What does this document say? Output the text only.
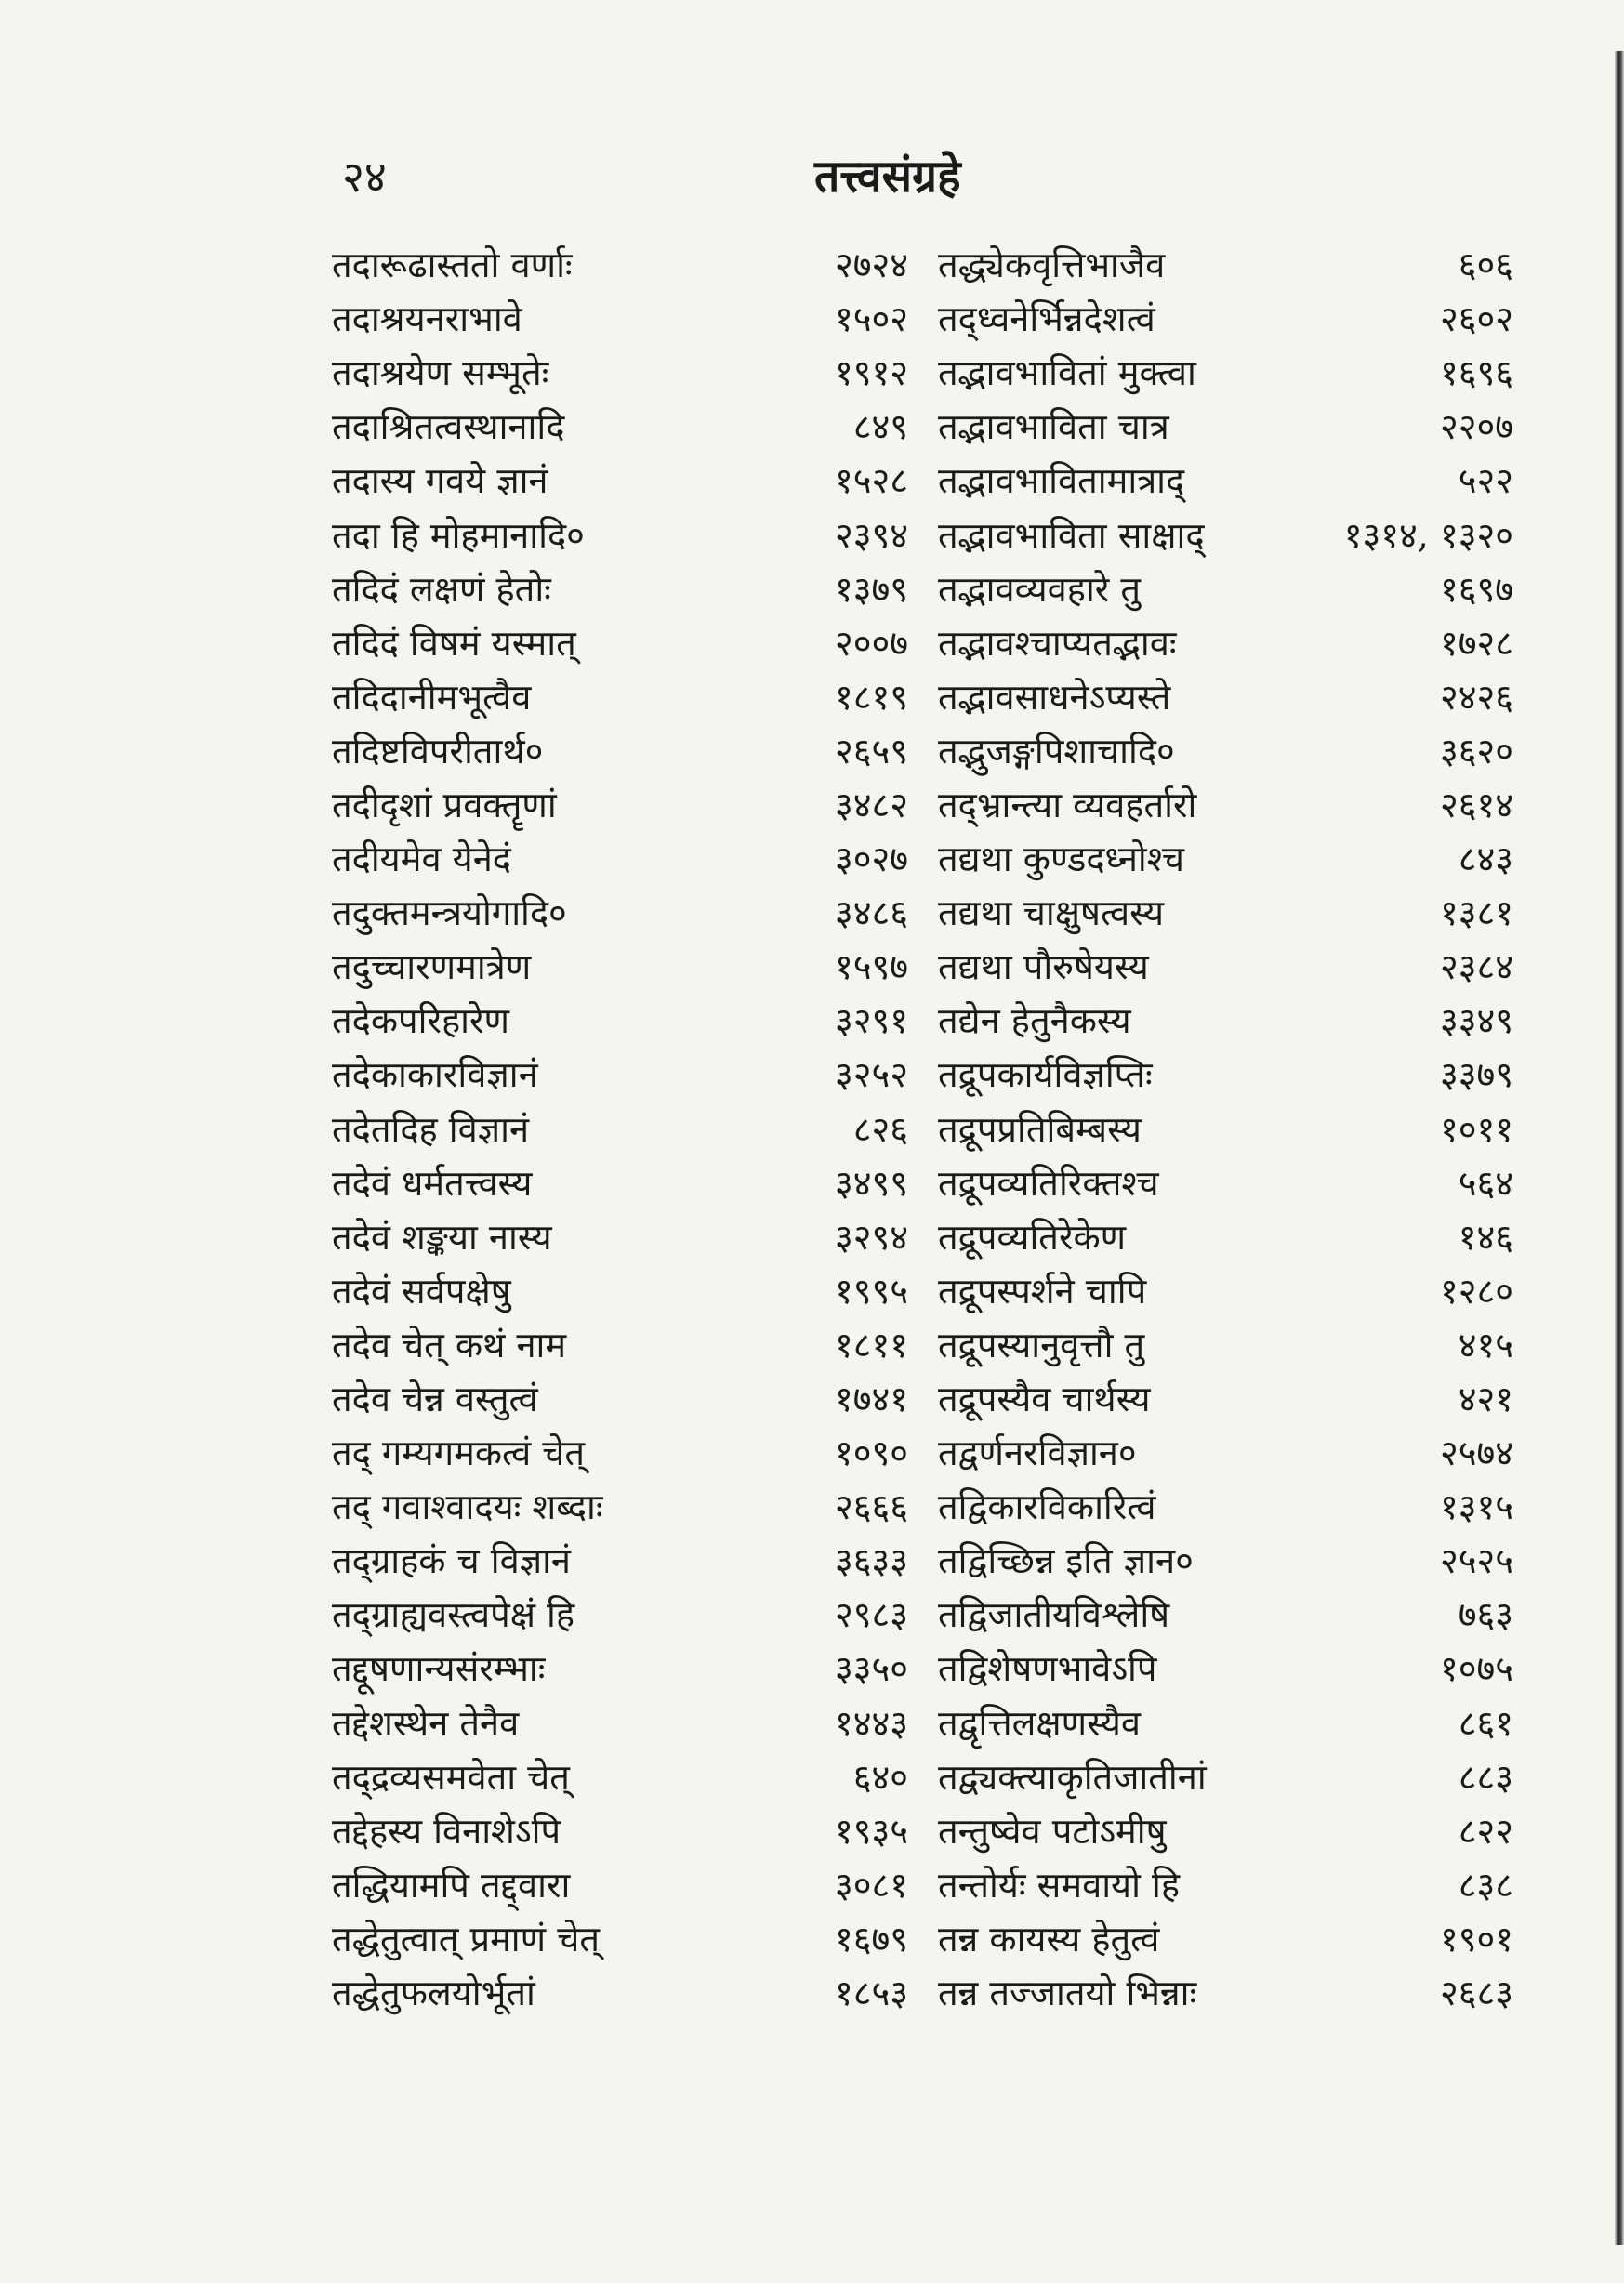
२४	तत्त्वसंग्रहे
तदारूढास्ततो वर्णाः	२७२४
तदाश्रयनराभावे	१५०२
तदाश्रयेण सम्भूतेः	१९१२
तदाश्रितत्वस्थानादि	८४९
तदास्य गवये ज्ञानं	१५२८
तदा हि मोहमानादि०	२३९४
तदिदं लक्षणं हेतोः	१३७९
तदिदं विषमं यस्मात्	२००७
तदिदानीमभूत्वैव	१८१९
तदिष्टविपरीतार्थ०	२६५९
तदीदृशां प्रवक्तॄणां	३४८२
तदीयमेव येनेदं	३०२७
तदुक्तमन्त्रयोगादि०	३४८६
तदुच्चारणमात्रेण	१५९७
तदेकपरिहारेण	३२९१
तदेकाकारविज्ञानं	३२५२
तदेतदिह विज्ञानं	८२६
तदेवं धर्मतत्त्वस्य	३४९९
तदेवं शङ्कया नास्य	३२९४
तदेवं सर्वपक्षेषु	१९९५
तदेव चेत् कथं नाम	१८११
तदेव चेन्न वस्तुत्वं	१७४१
तद् गम्यगमकत्वं चेत्	१०९०
तद् गवाश्वादयः शब्दाः	२६६६
तद्ग्राहकं च विज्ञानं	३६३३
तद्ग्राह्यवस्त्वपेक्षं हि	२९८३
तद्दूषणान्यसंरम्भाः	३३५०
तद्देशस्थेन तेनैव	१४४३
तद्द्रव्यसमवेता चेत्	६४०
तद्देहस्य विनाशेऽपि	१९३५
तद्धियामपि तद्द्वारा	३०८१
तद्धेतुत्वात् प्रमाणं चेत्	१६७९
तद्धेतुफलयोर्भूतां	१८५३
तद्ध्येकवृत्तिभाजैव	६०६
तद्ध्वनेर्भिन्नदेशत्वं	२६०२
तद्भावभावितां मुक्त्वा	१६९६
तद्भावभाविता चात्र	२२०७
तद्भावभावितामात्राद्	५२२
तद्भावभाविता साक्षाद्	१३१४, १३२०
तद्भावव्यवहारे तु	१६९७
तद्भावश्चाप्यतद्भावः	१७२८
तद्भावसाधनेऽप्यस्ते	२४२६
तद्भुजङ्गपिशाचादि०	३६२०
तद्भ्रान्त्या व्यवहर्तारो	२६१४
तद्यथा कुण्डदध्नोश्च	८४३
तद्यथा चाक्षुषत्वस्य	१३८१
तद्यथा पौरुषेयस्य	२३८४
तद्येन हेतुनैकस्य	३३४९
तद्रूपकार्यविज्ञप्तिः	३३७९
तद्रूपप्रतिबिम्बस्य	१०११
तद्रूपव्यतिरिक्तश्च	५६४
तद्रूपव्यतिरेकेण	१४६
तद्रूपस्पर्शने चापि	१२८०
तद्रूपस्यानुवृत्तौ तु	४१५
तद्रूपस्यैव चार्थस्य	४२१
तद्वर्णनरविज्ञान०	२५७४
तद्विकारविकारित्वं	१३१५
तद्विच्छिन्न इति ज्ञान०	२५२५
तद्विजातीयविश्लेषि	७६३
तद्विशेषणभावेऽपि	१०७५
तद्वृत्तिलक्षणस्यैव	८६१
तद्व्यक्त्याकृतिजातीनां	८८३
तन्तुष्वेव पटोऽमीषु	८२२
तन्तोर्यः समवायो हि	८३८
तन्न कायस्य हेतुत्वं	१९०१
तन्न तज्जातयो भिन्नाः	२६८३
